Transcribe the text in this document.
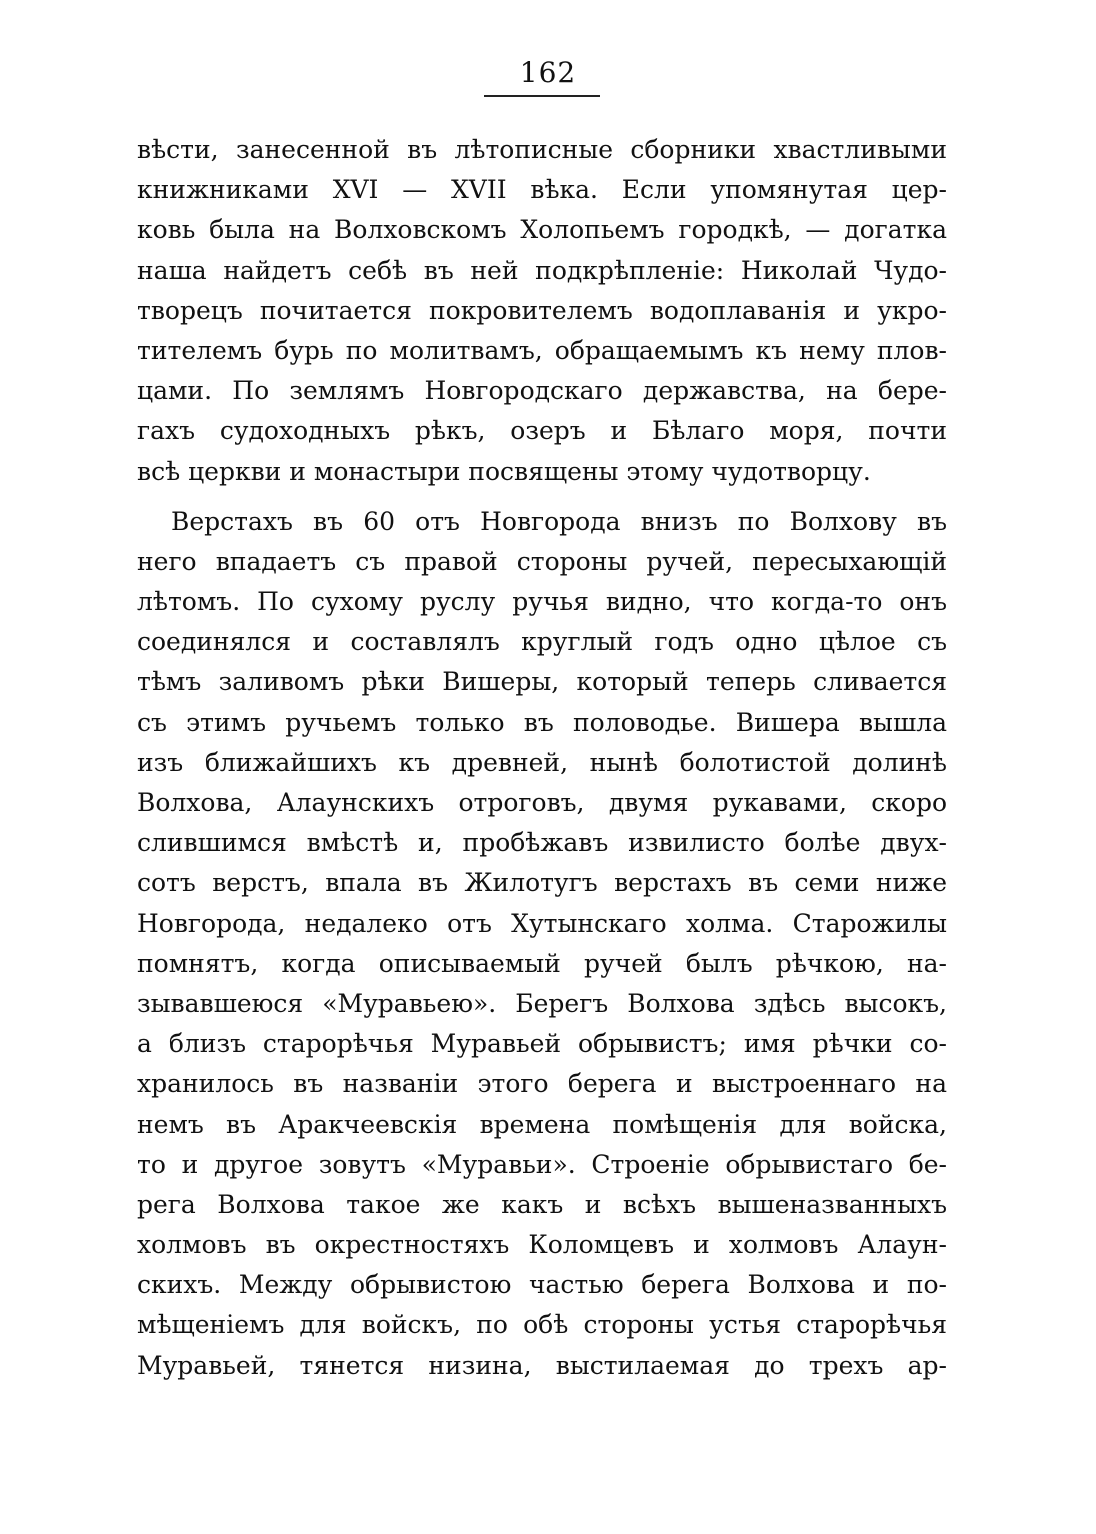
162
вѣсти, занесенной въ лѣтописные сборники хвастливыми
книжниками XVI — XVII вѣка. Если упомянутая цер-
ковь была на Волховскомъ Холопьемъ городкѣ, — догатка
наша найдетъ себѣ въ ней подкрѣпленіе: Николай Чудо-
творецъ почитается покровителемъ водоплаванія и укро-
тителемъ бурь по молитвамъ, обращаемымъ къ нему плов-
цами. По землямъ Новгородскаго державства, на бере-
гахъ судоходныхъ рѣкъ, озеръ и Бѣлаго моря, почти
всѣ церкви и монастыри посвящены этому чудотворцу.
Верстахъ въ 60 отъ Новгорода внизъ по Волхову въ
него впадаетъ съ правой стороны ручей, пересыхающій
лѣтомъ. По сухому руслу ручья видно, что когда-то онъ
соединялся и составлялъ круглый годъ одно цѣлое съ
тѣмъ заливомъ рѣки Вишеры, который теперь сливается
съ этимъ ручьемъ только въ половодье. Вишера вышла
изъ ближайшихъ къ древней, нынѣ болотистой долинѣ
Волхова, Алаунскихъ отроговъ, двумя рукавами, скоро
слившимся вмѣстѣ и, пробѣжавъ извилисто болѣе двух-
сотъ верстъ, впала въ Жилотугъ верстахъ въ семи ниже
Новгорода, недалеко отъ Хутынскаго холма. Старожилы
помнятъ, когда описываемый ручей былъ рѣчкою, на-
зывавшеюся «Муравьею». Берегъ Волхова здѣсь высокъ,
а близъ старорѣчья Муравьей обрывистъ; имя рѣчки со-
хранилось въ названіи этого берега и выстроеннаго на
немъ въ Аракчеевскія времена помѣщенія для войска,
то и другое зовутъ «Муравьи». Строеніе обрывистаго бе-
рега Волхова такое же какъ и всѣхъ вышеназванныхъ
холмовъ въ окрестностяхъ Коломцевъ и холмовъ Алаун-
скихъ. Между обрывистою частью берега Волхова и по-
мѣщеніемъ для войскъ, по обѣ стороны устья старорѣчья
Муравьей, тянется низина, выстилаемая до трехъ ар-
